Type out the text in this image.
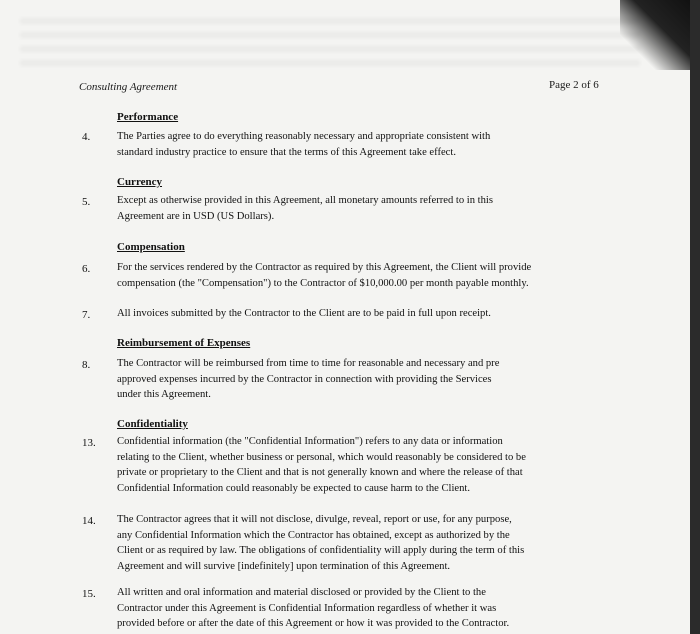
Consulting Agreement	Page 2 of 6
Performance
4.	The Parties agree to do everything reasonably necessary and appropriate consistent with
standard industry practice to ensure that the terms of this Agreement take effect.
Currency
5.	Except as otherwise provided in this Agreement, all monetary amounts referred to in this
Agreement are in USD (US Dollars).
Compensation
6.	For the services rendered by the Contractor as required by this Agreement, the Client will provide
compensation (the "Compensation") to the Contractor of $10,000.00 per month payable monthly.
7.	All invoices submitted by the Contractor to the Client are to be paid in full upon receipt.
Reimbursement of Expenses
8.	The Contractor will be reimbursed from time to time for reasonable and necessary and pre
approved expenses incurred by the Contractor in connection with providing the Services
under this Agreement.
Confidentiality
13. Confidential information (the "Confidential Information") refers to any data or information
relating to the Client, whether business or personal, which would reasonably be considered to be
private or proprietary to the Client and that is not generally known and where the release of that
Confidential Information could reasonably be expected to cause harm to the Client.
14. The Contractor agrees that it will not disclose, divulge, reveal, report or use, for any purpose,
any Confidential Information which the Contractor has obtained, except as authorized by the
Client or as required by law. The obligations of confidentiality will apply during the term of this
Agreement and will survive [indefinitely] upon termination of this Agreement.
15. All written and oral information and material disclosed or provided by the Client to the
Contractor under this Agreement is Confidential Information regardless of whether it was
provided before or after the date of this Agreement or how it was provided to the Contractor.
